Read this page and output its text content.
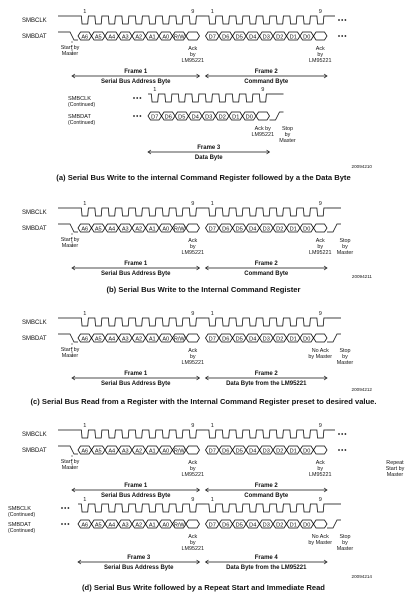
SMBCLK
SMBDAT
1	9	1	9
A6 A5 A4 A3 A2 A1 A0 R/W	D7 D6 D5 D4 D3 D2 D1 D0
Start by
Master
Ack
by
LM95221
Ack
by
LM95221
Frame 1
Serial Bus Address Byte
Frame 2
Command Byte
SMBCLK
(Continued)
SMBDAT
(Continued)
1	9
D7 D6 D5 D4 D3 D2 D1 D0
Ack by
LM95221
Stop
by
Master
Frame 3
Data Byte
20094210
SMBCLK
SMBDAT
1	9	1	9
A6 A5 A4 A3 A2 A1 A0 R/W	D7 D6 D5 D4 D3 D2 D1 D0
Start by
Master
Ack
by
LM95221
Stop
by
Master
Ack
by
LM95221
Frame 1
Serial Bus Address Byte
Frame 2
Command Byte	20094211
SMBCLK
SMBDAT
1	9	1	9
A6 A5 A4 A3 A2 A1 A0 R/W	D7 D6 D5 D4 D3 D2 D1 D0
Start by
Master
Ack
by
LM95221
Stop
by
Master
No Ack
by Master
Frame 1
Serial Bus Address Byte
Frame 2
Data Byte from the LM95221
20094212
SMBCLK
SMBDAT
1	9	1	9
A6 A5 A4 A3 A2 A1 A0 R/W	D7 D6 D5 D4 D3 D2 D1 D0
Start by
Master
Ack
by
LM95221
Ack
by
LM95221
Frame 1
Serial Bus Address Byte
Frame 2
Command Byte
Repeat
Start by
Master
SMBCLK
(Continued)
SMBDAT
(Continued)
1	9	1	9
A6 A5 A4 A3 A2 A1 A0 R/W	D7 D6 D5 D4 D3 D2 D1 D0
Ack
by
LM95221
No Ack
by Master
Stop
by
Master
Frame 3
Serial Bus Address Byte
Frame 4
Data Byte from the LM95221
20094214
(a) Serial Bus Write to the internal Command Register followed by a the Data Byte
(b) Serial Bus Write to the Internal Command Register
(c) Serial Bus Read from a Register with the Internal Command Register preset to desired value.
(d) Serial Bus Write followed by a Repeat Start and Immediate Read
